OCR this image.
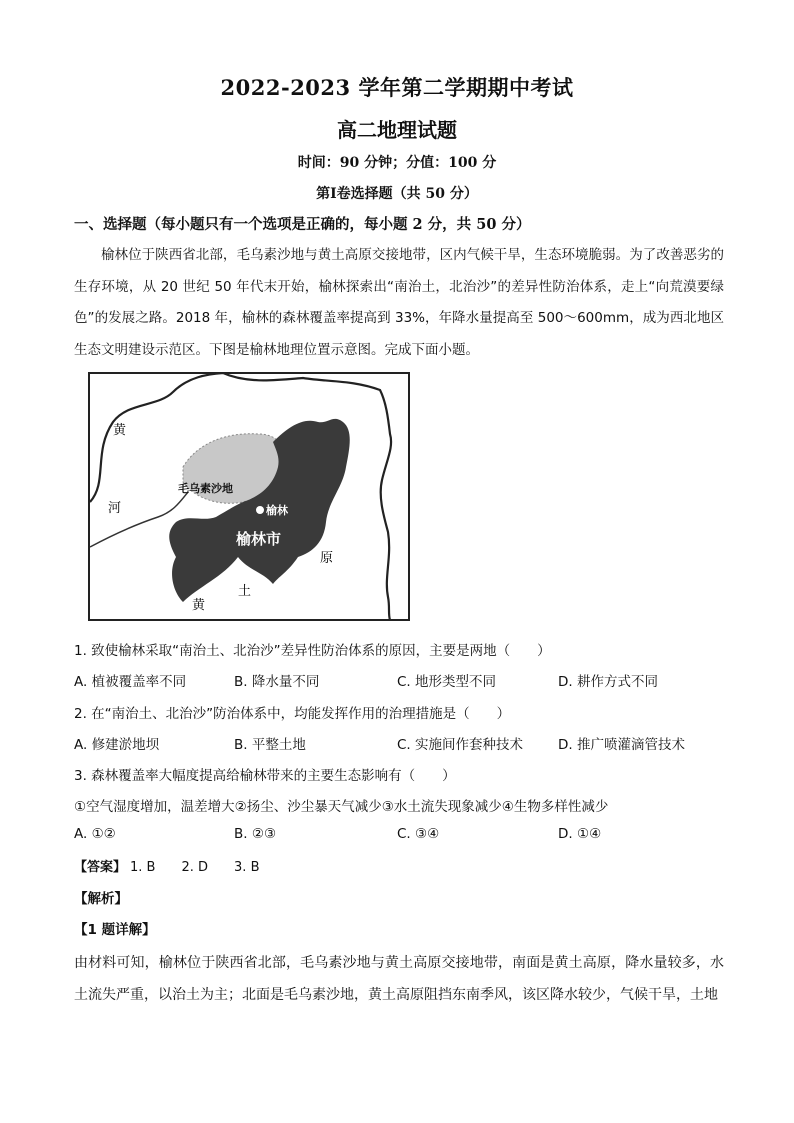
2022-2023 学年第二学期期中考试
高二地理试题
时间：90 分钟；分值：100 分
第Ⅰ卷选择题（共 50 分）
一、选择题（每小题只有一个选项是正确的，每小题 2 分，共 50 分）
榆林位于陕西省北部，毛乌素沙地与黄土高原交接地带，区内气候干旱，生态环境脆弱。为了改善恶劣的生存环境，从 20 世纪 50 年代末开始，榆林探索出“南治土，北治沙”的差异性防治体系，走上“向荒漠要绿色”的发展之路。2018 年，榆林的森林覆盖率提高到 33%，年降水量提高至 500～600mm，成为西北地区生态文明建设示范区。下图是榆林地理位置示意图。完成下面小题。
黄
河
毛乌素沙地
榆林
榆林市
原
黄
土
1. 致使榆林采取“南治土、北治沙”差异性防治体系的原因，主要是两地（　　）
A. 植被覆盖率不同	B. 降水量不同	C. 地形类型不同	D. 耕作方式不同
2. 在“南治土、北治沙”防治体系中，均能发挥作用的治理措施是（　　）
A. 修建淤地坝	B. 平整土地	C. 实施间作套种技术	D. 推广喷灌滴管技术
3. 森林覆盖率大幅度提高给榆林带来的主要生态影响有（　　）
①空气湿度增加，温差增大②扬尘、沙尘暴天气减少③水土流失现象减少④生物多样性减少
A. ①②	B. ②③	C. ③④	D. ①④
【答案】 1. B 2. D 3. B
【解析】
【1 题详解】
由材料可知，榆林位于陕西省北部，毛乌素沙地与黄土高原交接地带，南面是黄土高原，降水量较多，水土流失严重，以治土为主；北面是毛乌素沙地，黄土高原阻挡东南季风，该区降水较少，气候干旱，土地
